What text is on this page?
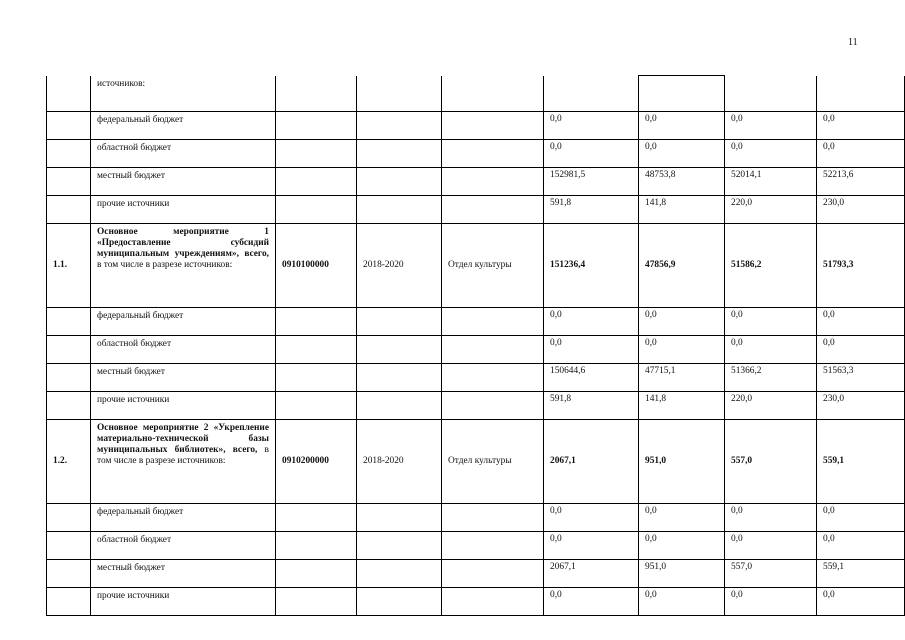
11
	источников:							
	федеральный бюджет				0,0	0,0	0,0	0,0
	областной бюджет				0,0	0,0	0,0	0,0
	местный бюджет				152981,5	48753,8	52014,1	52213,6
	прочие источники				591,8	141,8	220,0	230,0
1.1.	Основное мероприятие 1 «Предоставление субсидий муниципальным учреждениям», всего, в том числе в разрезе источников:	0910100000	2018-2020	Отдел культуры	151236,4	47856,9	51586,2	51793,3
	федеральный бюджет				0,0	0,0	0,0	0,0
	областной бюджет				0,0	0,0	0,0	0,0
	местный бюджет				150644,6	47715,1	51366,2	51563,3
	прочие источники				591,8	141,8	220,0	230,0
1.2.	Основное мероприятие 2 «Укрепление материально-технической базы муниципальных библиотек», всего, в том числе в разрезе источников:	0910200000	2018-2020	Отдел культуры	2067,1	951,0	557,0	559,1
	федеральный бюджет				0,0	0,0	0,0	0,0
	областной бюджет				0,0	0,0	0,0	0,0
	местный бюджет				2067,1	951,0	557,0	559,1
	прочие источники				0,0	0,0	0,0	0,0
